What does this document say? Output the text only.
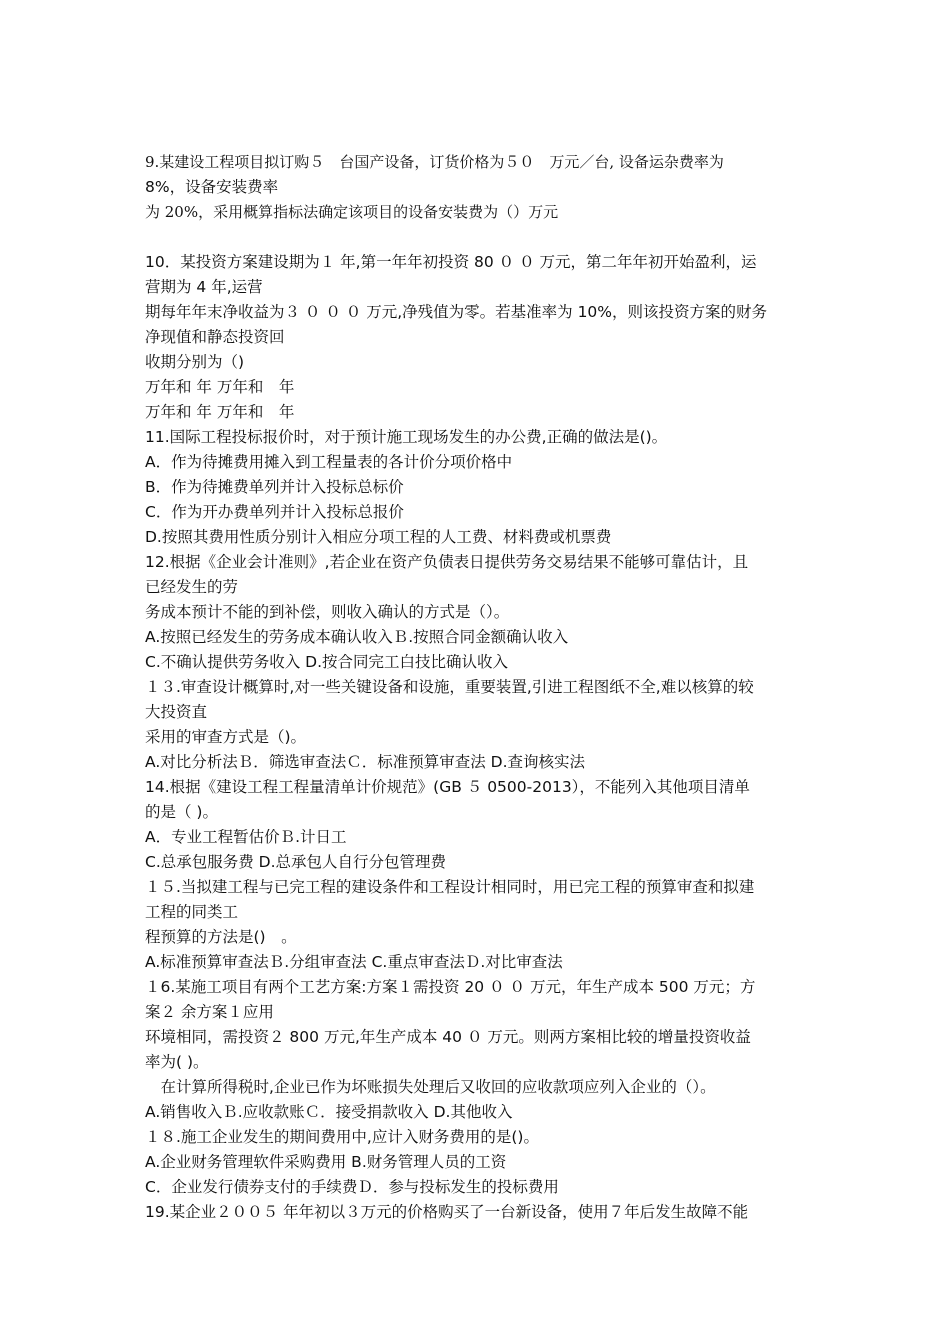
9.某建设工程项目拟订购５　台国产设备，订货价格为５０　万元／台, 设备运杂费率为
8%，设备安装费率
为 20%，采用概算指标法确定该项目的设备安装费为（）万元
10．某投资方案建设期为１ 年,第一年年初投资 80 ０ ０ 万元，第二年年初开始盈利，运
营期为 4 年,运营
期每年年末净收益为３ ０ ０ ０ 万元,净残值为零。若基准率为 10%，则该投资方案的财务
净现值和静态投资回
收期分别为（)
万年和 年 万年和　年
万年和 年 万年和　年
11.国际工程投标报价时，对于预计施工现场发生的办公费,正确的做法是()。
A．作为待摊费用摊入到工程量表的各计价分项价格中
B．作为待摊费单列并计入投标总标价
C．作为开办费单列并计入投标总报价
D.按照其费用性质分别计入相应分项工程的人工费、材料费或机票费
12.根据《企业会计准则》,若企业在资产负债表日提供劳务交易结果不能够可靠估计，且
已经发生的劳
务成本预计不能的到补偿，则收入确认的方式是（）。
A.按照已经发生的劳务成本确认收入Ｂ.按照合同金额确认收入
C.不确认提供劳务收入 D.按合同完工白技比确认收入
１３.审查设计概算时,对一些关键设备和设施，重要装置,引进工程图纸不全,难以核算的较
大投资直
采用的审查方式是（)。
A.对比分析法Ｂ．筛选审查法Ｃ．标准预算审查法 D.查询核实法
14.根据《建设工程工程量清单计价规范》(GB ５ 0500-2013），不能列入其他项目清单
的是（ )。
A．专业工程暂估价Ｂ.计日工
C.总承包服务费 D.总承包人自行分包管理费
１５.当拟建工程与已完工程的建设条件和工程设计相同时，用已完工程的预算审查和拟建
工程的同类工
程预算的方法是()　。
A.标准预算审查法Ｂ.分组审查法 C.重点审查法Ｄ.对比审查法
１6.某施工项目有两个工艺方案:方案１需投资 20 ０ ０ 万元，年生产成本 500 万元；方
案２ 余方案１应用
环境相同，需投资２ 800 万元,年生产成本 40 ０ 万元。则两方案相比较的增量投资收益
率为( )。
　在计算所得税时,企业已作为坏账损失处理后又收回的应收款项应列入企业的（）。
A.销售收入Ｂ.应收款账Ｃ．接受捐款收入 D.其他收入
１８.施工企业发生的期间费用中,应计入财务费用的是()。
A.企业财务管理软件采购费用 B.财务管理人员的工资
C．企业发行债券支付的手续费Ｄ．参与投标发生的投标费用
19.某企业２００５ 年年初以３万元的价格购买了一台新设备，使用７年后发生故障不能
